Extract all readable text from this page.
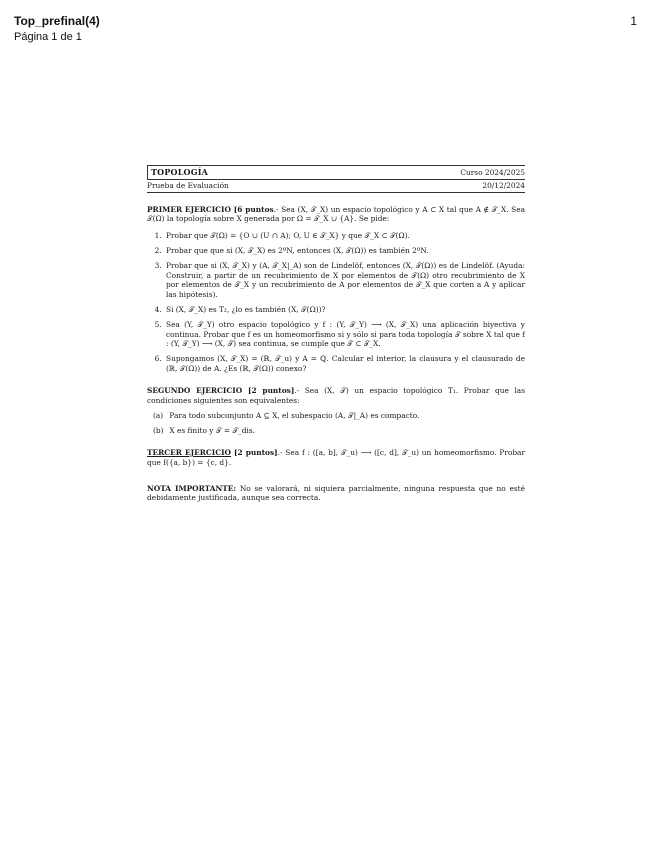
Top_prefinal(4)
Página 1 de 1
1
TOPOLOGÍA	Curso 2024/2025
Prueba de Evaluación	20/12/2024
PRIMER EJERCICIO [6 puntos.- Sea (X, 𝒯_X) un espacio topológico y A ⊂ X tal que A ∉ 𝒯_X. Sea 𝒯(Ω) la topología sobre X generada por Ω = 𝒯_X ∪ {A}. Se pide:
1. Probar que 𝒯(Ω) = {O ∪ (U ∩ A); O, U ∈ 𝒯_X} y que 𝒯_X ⊂ 𝒯(Ω).
2. Probar que que si (X, 𝒯_X) es 2ºN, entonces (X, 𝒯(Ω)) es también 2ºN.
3. Probar que si (X, 𝒯_X) y (A, 𝒯_X|_A) son de Lindelöf, entonces (X, 𝒯(Ω)) es de Lindelöf. (Ayuda: Construir, a partir de un recubrimiento de X por elementos de 𝒯(Ω) otro recubrimiento de X por elementos de 𝒯_X y un recubrimiento de A por elementos de 𝒯_X que corten a A y aplicar las hipótesis).
4. Si (X, 𝒯_X) es T₂, ¿lo es también (X, 𝒯(Ω))?
5. Sea (Y, 𝒯_Y) otro espacio topológico y f : (Y, 𝒯_Y) ⟶ (X, 𝒯_X) una aplicación biyectiva y continua. Probar que f es un homeomorfismo si y sólo si para toda topología 𝒯 sobre X tal que f : (Y, 𝒯_Y) ⟶ (X, 𝒯) sea continua, se cumple que 𝒯 ⊂ 𝒯_X.
6. Supongamos (X, 𝒯_X) = (ℝ, 𝒯_u) y A = ℚ. Calcular el interior, la clausura y el clausurado de (ℝ, 𝒯(Ω)) de A. ¿Es (ℝ, 𝒯(Ω)) conexo?
SEGUNDO EJERCICIO [2 puntos].- Sea (X, 𝒯) un espacio topológico T₁. Probar que las condiciones siguientes son equivalentes:
(a) Para todo subconjunto A ⊆ X, el subespacio (A, 𝒯|_A) es compacto.
(b) X es finito y 𝒯 = 𝒯_dis.
TERCER EJERCICIO [2 puntos].- Sea f : ([a, b], 𝒯_u) ⟶ ([c, d], 𝒯_u) un homeomorfismo. Probar que f({a, b}) = {c, d}.
NOTA IMPORTANTE: No se valorará, ni siquiera parcialmente, ninguna respuesta que no esté debidamente justificada, aunque sea correcta.
